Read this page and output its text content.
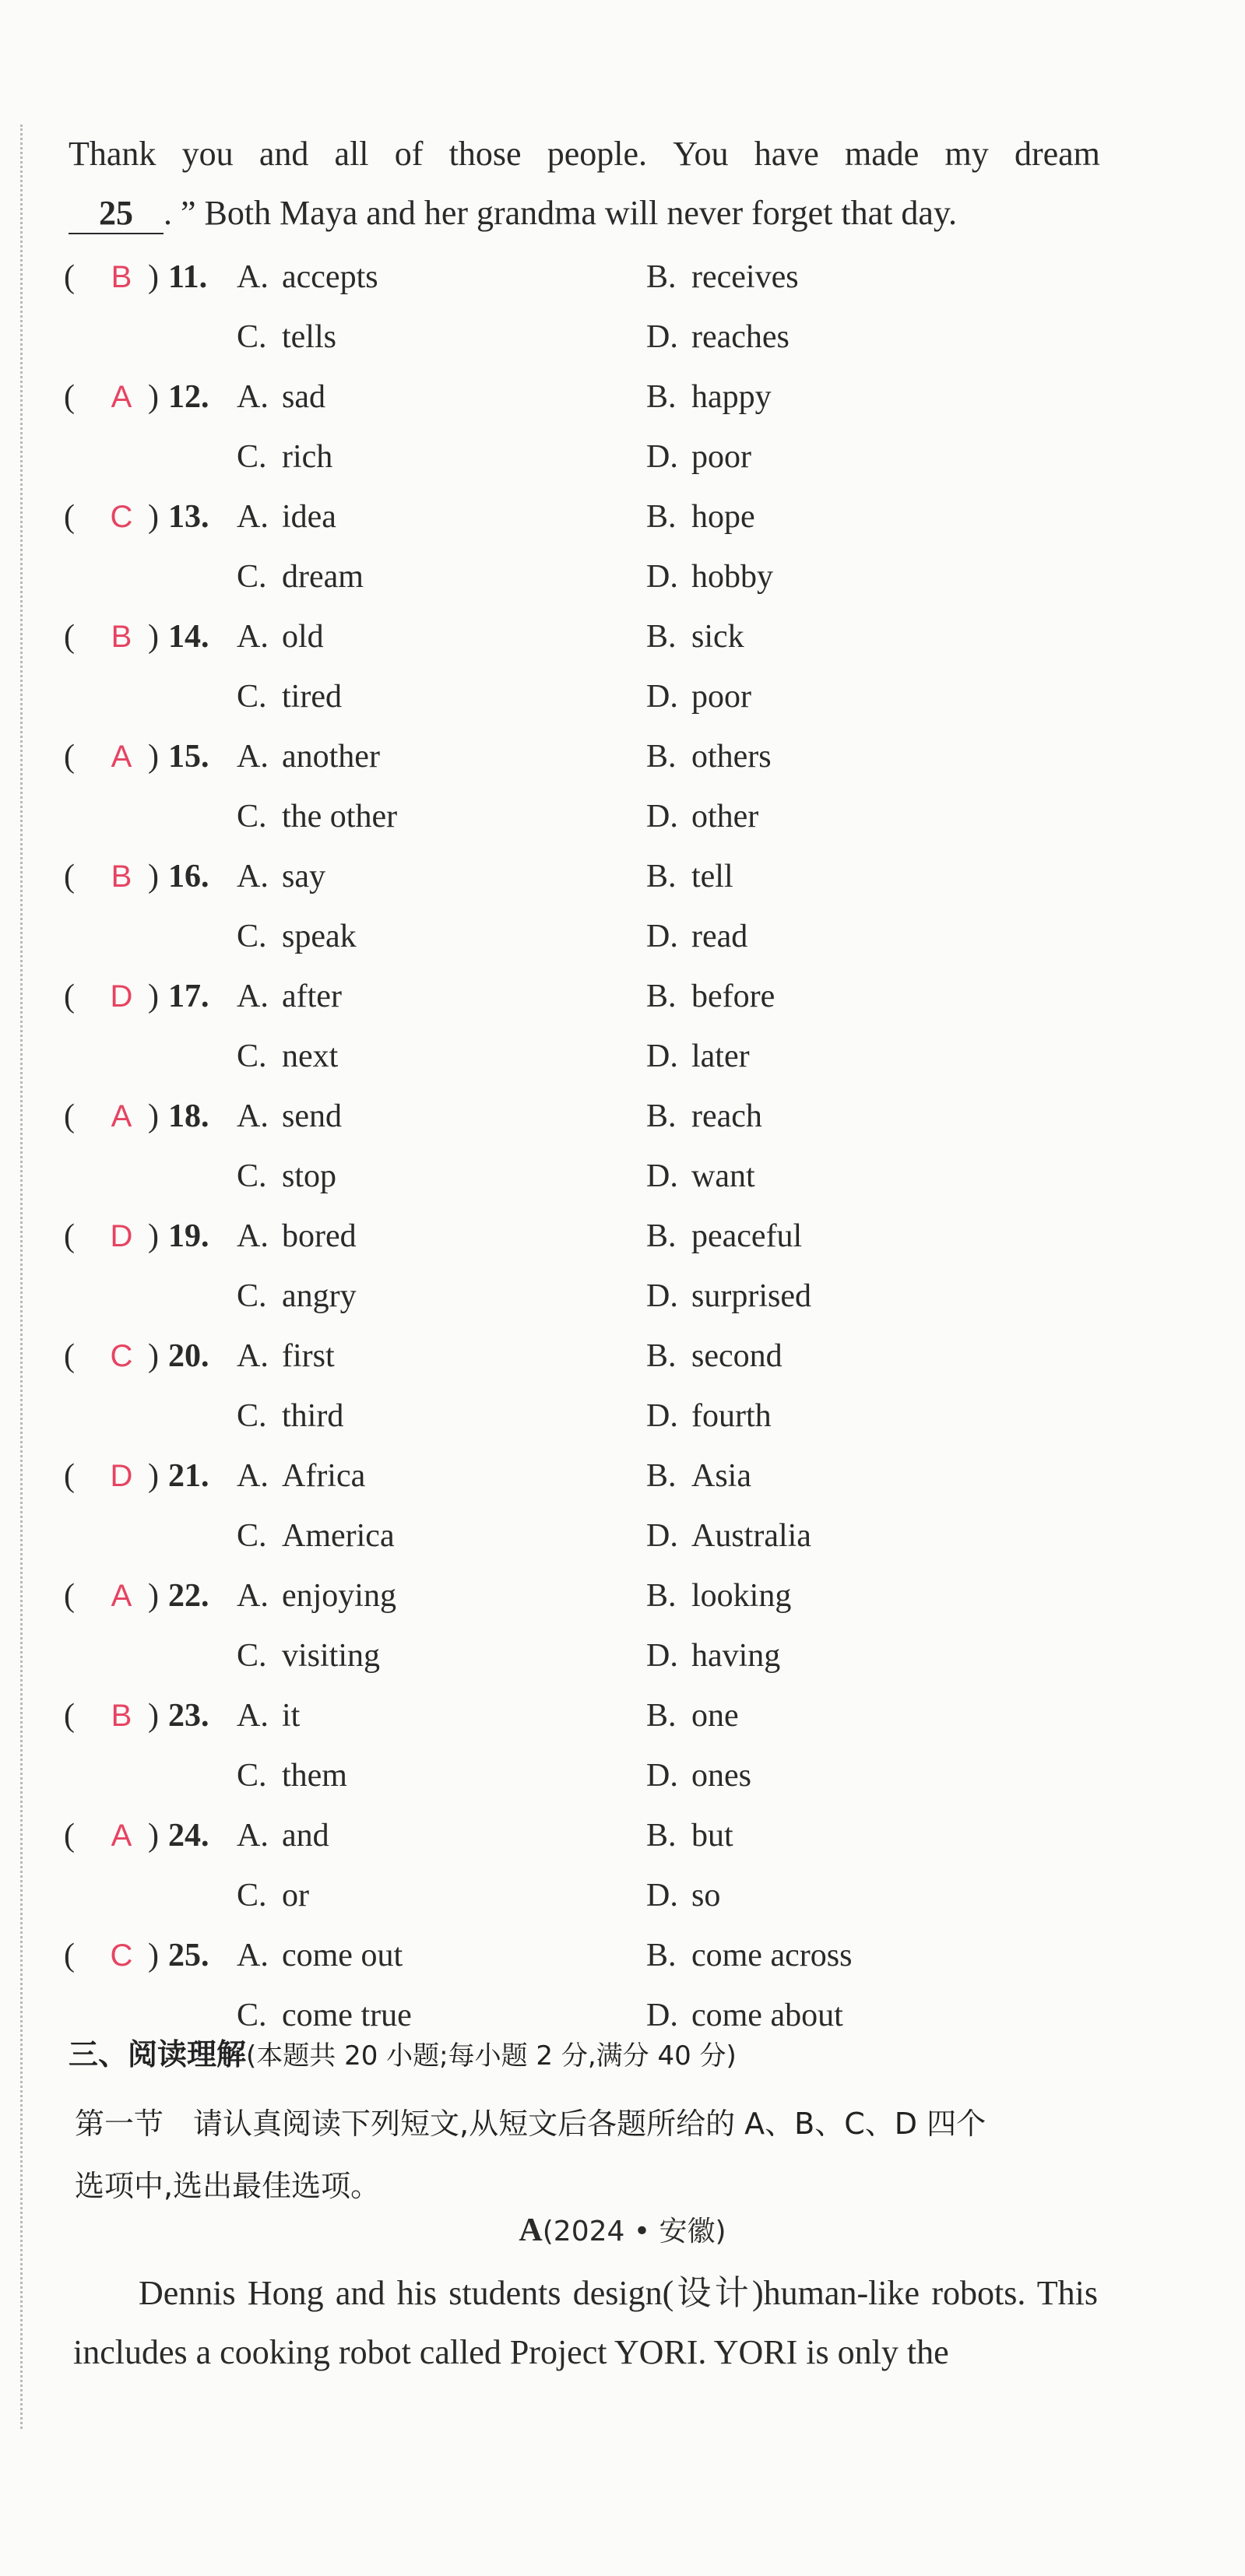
Thank you and all of those people. You have made my dream
25 . ” Both Maya and her grandma will never forget that day.
( B ) 11. A. accepts	B. receives
C. tells	D. reaches
( A ) 12. A. sad	B. happy
C. rich	D. poor
( C ) 13. A. idea	B. hope
C. dream	D. hobby
( B ) 14. A. old	B. sick
C. tired	D. poor
( A ) 15. A. another	B. others
C. the other	D. other
( B ) 16. A. say	B. tell
C. speak	D. read
( D ) 17. A. after	B. before
C. next	D. later
( A ) 18. A. send	B. reach
C. stop	D. want
( D ) 19. A. bored	B. peaceful
C. angry	D. surprised
( C ) 20. A. first	B. second
C. third	D. fourth
( D ) 21. A. Africa	B. Asia
C. America	D. Australia
( A ) 22. A. enjoying	B. looking
C. visiting	D. having
( B ) 23. A. it	B. one
C. them	D. ones
( A ) 24. A. and	B. but
C. or	D. so
( C ) 25. A. come out	B. come across
C. come true	D. come about
三、阅读理解(本题共 20 小题;每小题 2 分,满分 40 分)
第一节　请认真阅读下列短文,从短文后各题所给的 A、B、C、D 四个
选项中,选出最佳选项。
A(2024 • 安徽)
Dennis Hong and his students design(设计)human-like robots. This includes a cooking robot called Project YORI. YORI is only the
